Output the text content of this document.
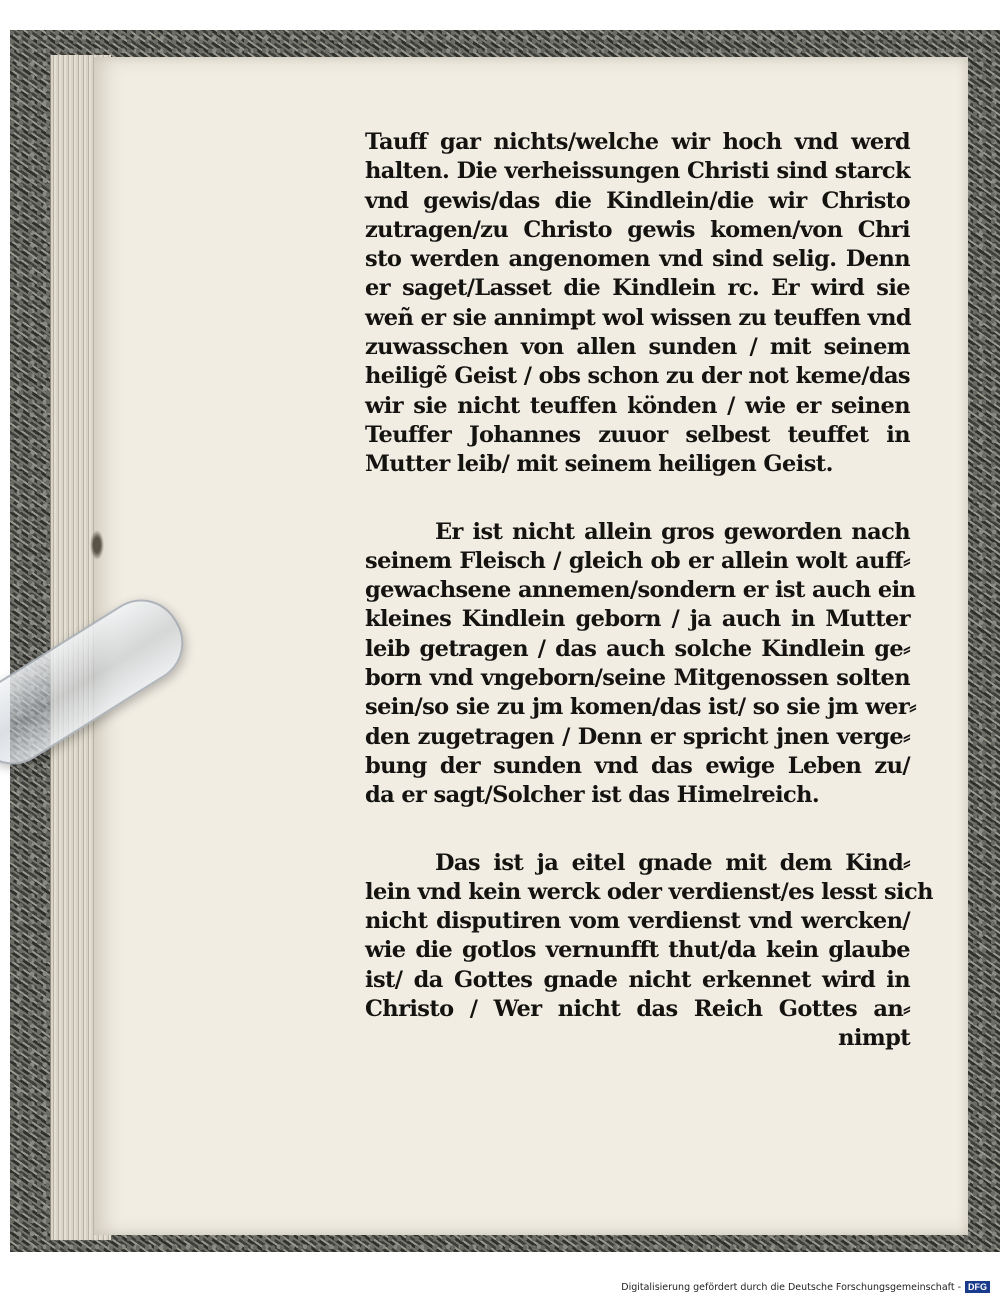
Tauff gar nichts/welche wir hoch vnd werd
halten. Die verheissungen Christi sind starck
vnd gewis/das die Kindlein/die wir Christo
zutragen/zu Christo gewis komen/von Chri
sto werden angenomen vnd sind selig. Denn
er saget/Lasset die Kindlein rc. Er wird sie
weñ er sie annimpt wol wissen zu teuffen vnd
zuwasschen von allen sunden / mit seinem
heiligẽ Geist / obs schon zu der not keme/das
wir sie nicht teuffen könden / wie er seinen
Teuffer Johannes zuuor selbest teuffet in
Mutter leib/ mit seinem heiligen Geist.
Er ist nicht allein gros geworden nach
seinem Fleisch / gleich ob er allein wolt auff⸗
gewachsene annemen/sondern er ist auch ein
kleines Kindlein geborn / ja auch in Mutter
leib getragen / das auch solche Kindlein ge⸗
born vnd vngeborn/seine Mitgenossen solten
sein/so sie zu jm komen/das ist/ so sie jm wer⸗
den zugetragen / Denn er spricht jnen verge⸗
bung der sunden vnd das ewige Leben zu/
da er sagt/Solcher ist das Himelreich.
Das ist ja eitel gnade mit dem Kind⸗
lein vnd kein werck oder verdienst/es lesst sich
nicht disputiren vom verdienst vnd wercken/
wie die gotlos vernunfft thut/da kein glaube
ist/ da Gottes gnade nicht erkennet wird in
Christo / Wer nicht das Reich Gottes an⸗
nimpt
Digitalisierung gefördert durch die Deutsche Forschungsgemeinschaft - DFG
